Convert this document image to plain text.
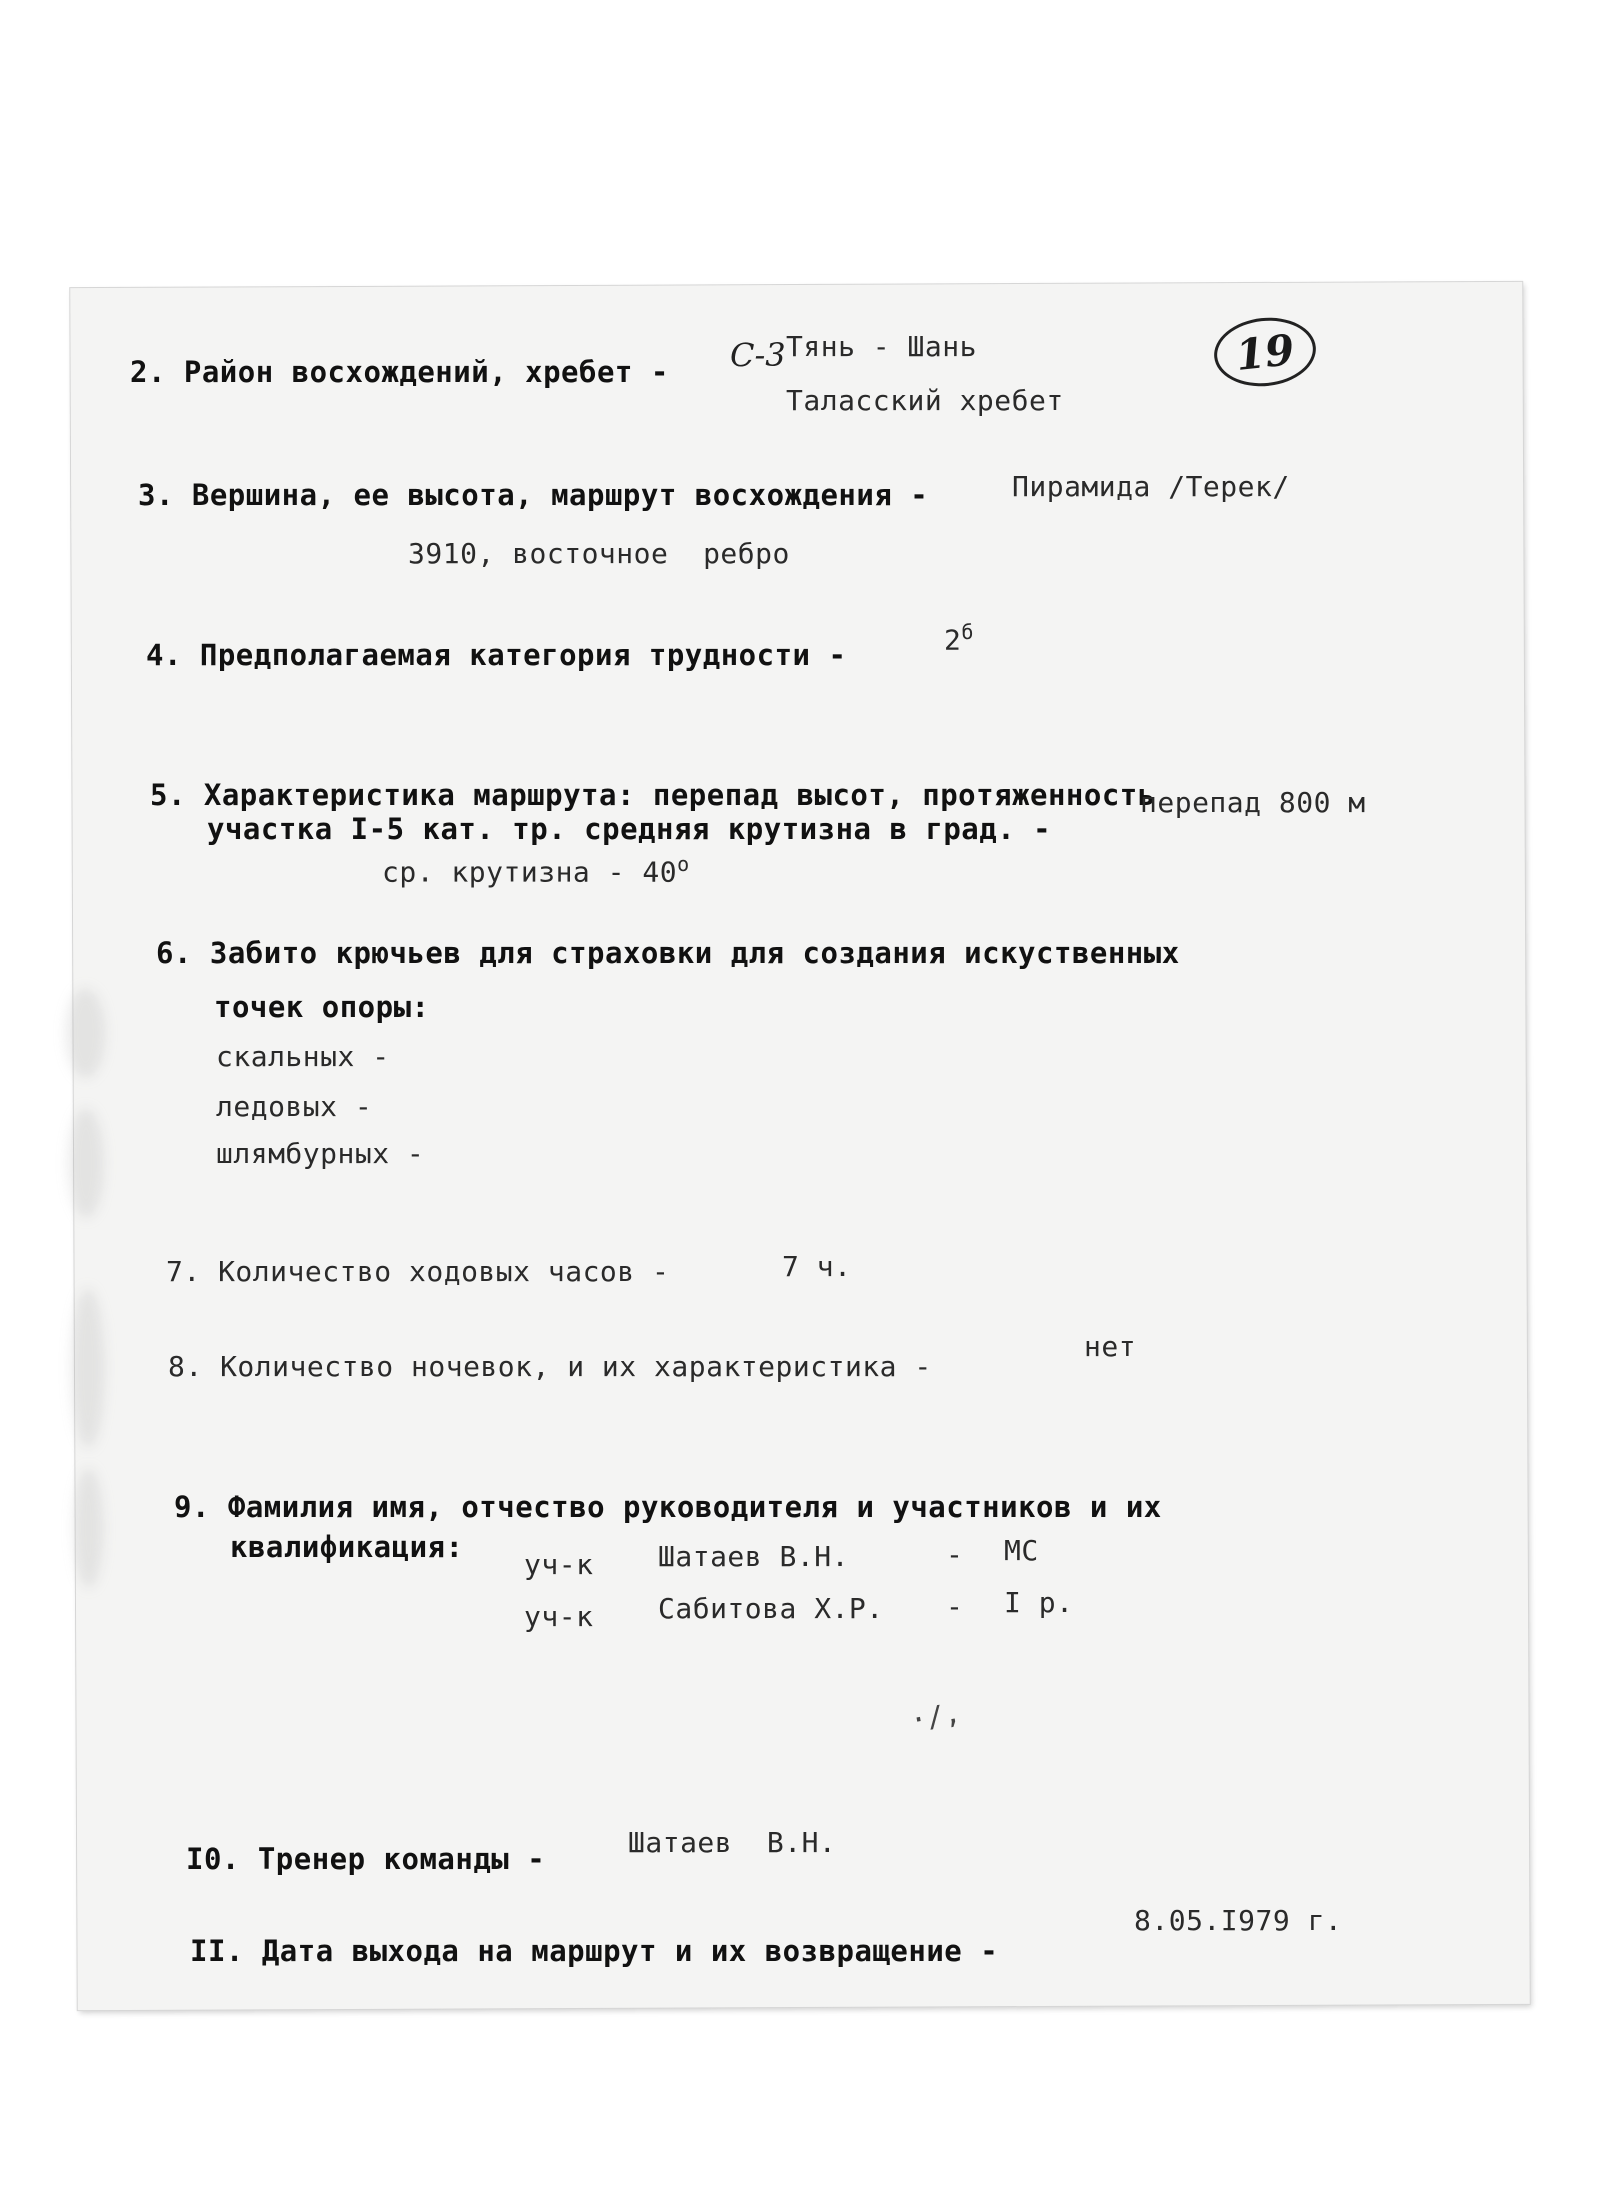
19
2. Район восхождений, хребет - С-3 Тянь - Шань
Таласский хребет
3. Вершина, ее высота, маршрут восхождения -	Пирамида /Терек/
3910, восточное  ребро
4. Предполагаемая категория трудности -	$2^б$
5. Характеристика маршрута: перепад высот, протяженность
участка I-5 кат. тр. средняя крутизна в град. -
перепад 800 м
ср. крутизна - $40^о$
6. Забито крючьев для страховки для создания искуственных
точек опоры:
скальных -
ледовых -
шлямбурных -
7. Количество ходовых часов -	7 ч.
8. Количество ночевок, и их характеристика -
нет
9. Фамилия имя, отчество руководителя и участников и их
квалификация:
уч-к Шатаев В.Н.	- МС
уч-к Сабитова Х.Р. - I р.
·/,
I0. Тренер команды -	Шатаев  В.Н.
II. Дата выхода на маршрут и их возвращение -
8.05.I979 г.
